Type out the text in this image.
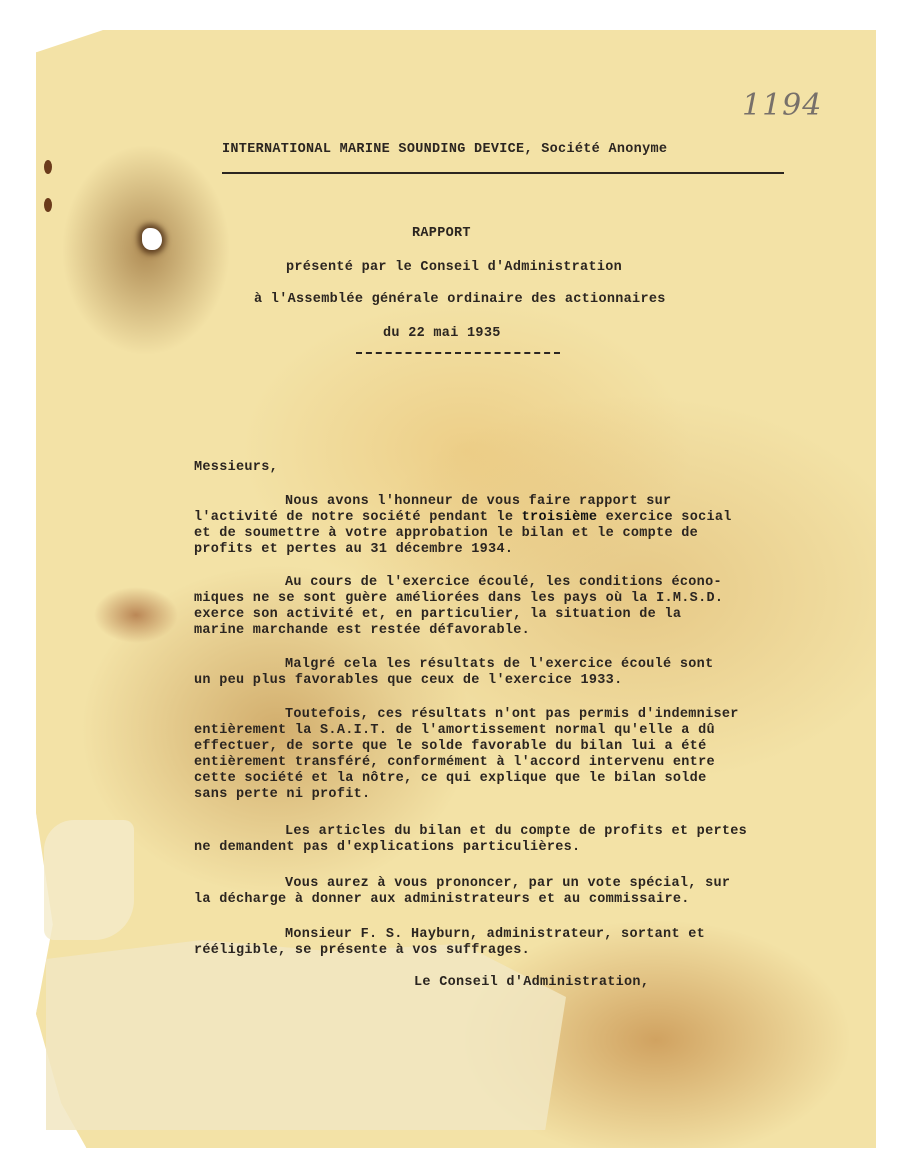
1194
INTERNATIONAL MARINE SOUNDING DEVICE, Société Anonyme
RAPPORT
présenté par le Conseil d'Administration
à l'Assemblée générale ordinaire des actionnaires
du 22 mai 1935
Messieurs,
Nous avons l'honneur de vous faire rapport sur
l'activité de notre société pendant le troisième exercice social
et de soumettre à votre approbation le bilan et le compte de
profits et pertes au 31 décembre 1934.
Au cours de l'exercice écoulé, les conditions écono-
miques ne se sont guère améliorées dans les pays où la I.M.S.D.
exerce son activité et, en particulier, la situation de la
marine marchande est restée défavorable.
Malgré cela les résultats de l'exercice écoulé sont
un peu plus favorables que ceux de l'exercice 1933.
Toutefois, ces résultats n'ont pas permis d'indemniser
entièrement la S.A.I.T. de l'amortissement normal qu'elle a dû
effectuer, de sorte que le solde favorable du bilan lui a été
entièrement transféré, conformément à l'accord intervenu entre
cette société et la nôtre, ce qui explique que le bilan solde
sans perte ni profit.
Les articles du bilan et du compte de profits et pertes
ne demandent pas d'explications particulières.
Vous aurez à vous prononcer, par un vote spécial, sur
la décharge à donner aux administrateurs et au commissaire.
Monsieur F. S. Hayburn, administrateur, sortant et
rééligible, se présente à vos suffrages.
Le Conseil d'Administration,
